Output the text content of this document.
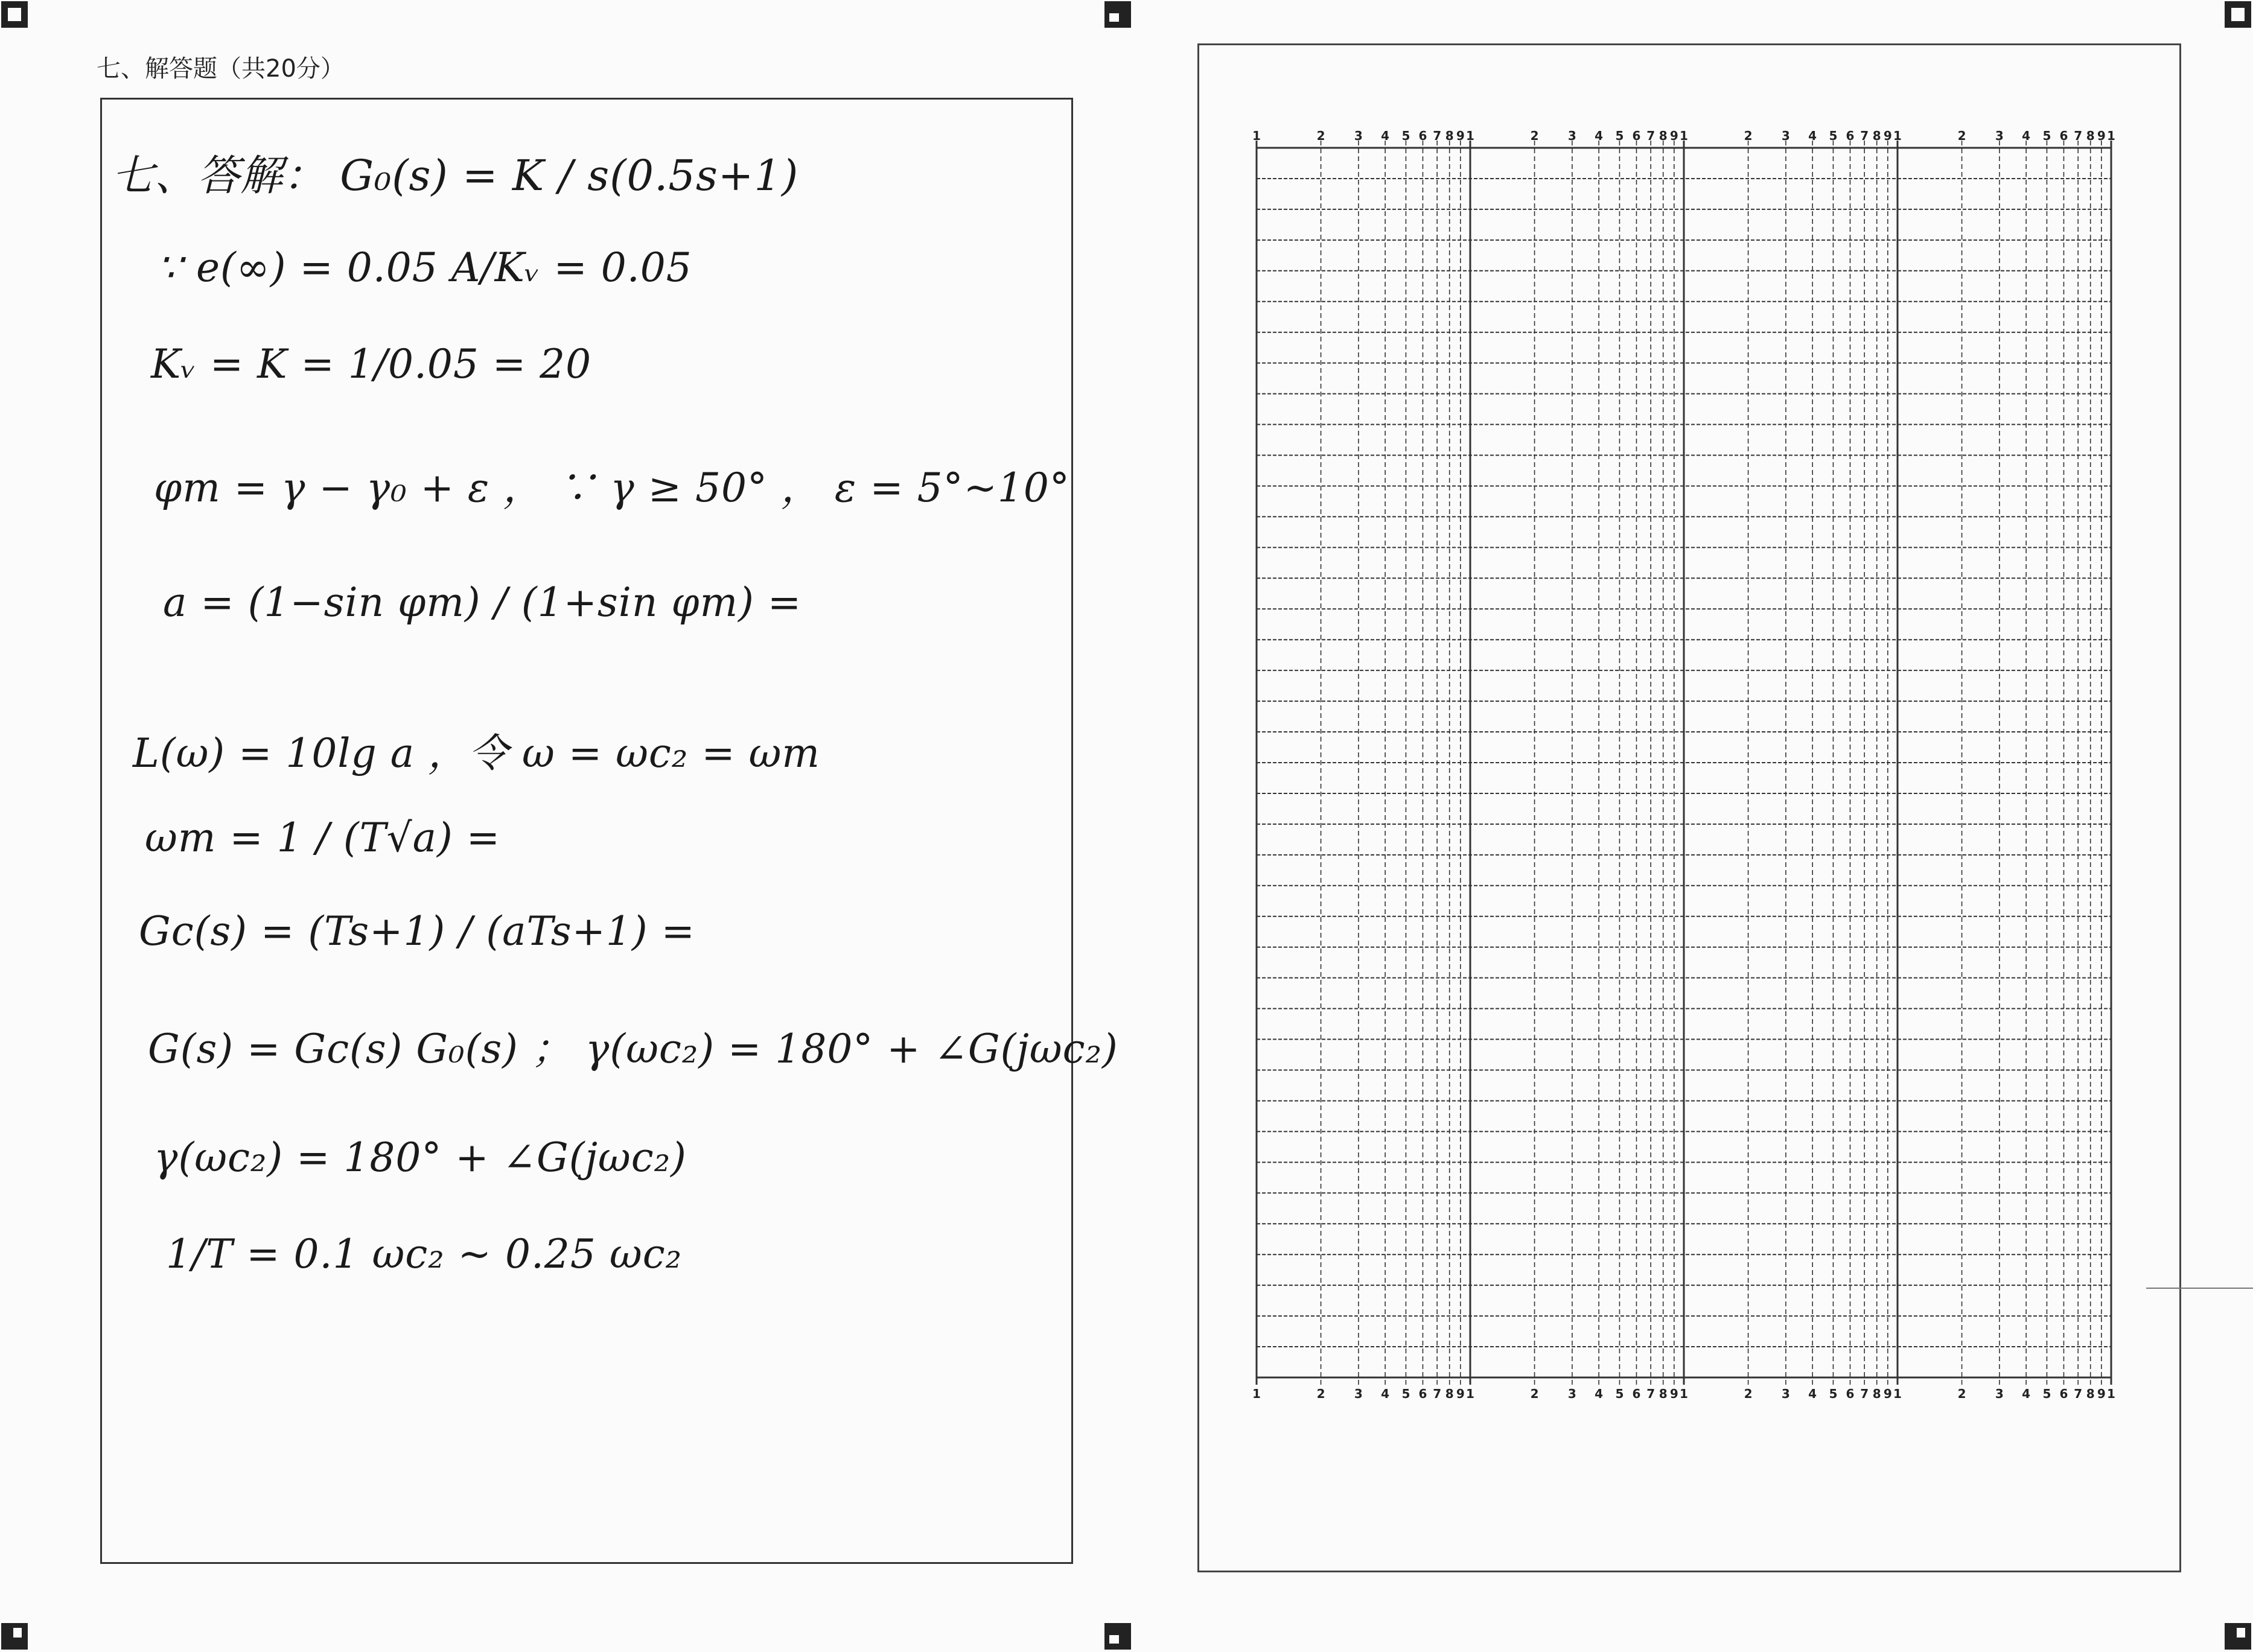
七、解答题（共20分）
七、答解： G₀(s) = K / s(0.5s+1)
∵ e(∞) = 0.05 A/Kᵥ = 0.05
Kᵥ = K = 1/0.05 = 20
φm = γ − γ₀ + ε ， ∵ γ ≥ 50° ， ε = 5°~10°
a = (1−sin φm) / (1+sin φm) =
L(ω) = 10lg a ，令 ω = ωc₂ = ωm
ωm = 1 / (T√a) =
Gc(s) = (Ts+1) / (aTs+1) =
G(s) = Gc(s) G₀(s) ； γ(ωc₂) = 180° + ∠G(jωc₂)
γ(ωc₂) = 180° + ∠G(jωc₂)
1/T = 0.1 ωc₂ ~ 0.25 ωc₂
1	2 3 4 5 6 7 8 9 1	2 3 4 5 6 7 8 9 1	2 3 4 5 6 7 8 9 1	2 3 4 5 6 7 8 9 1
1	2 3 4 5 6 7 8 9 1	2 3 4 5 6 7 8 9 1	2 3 4 5 6 7 8 9 1	2 3 4 5 6 7 8 9 1
